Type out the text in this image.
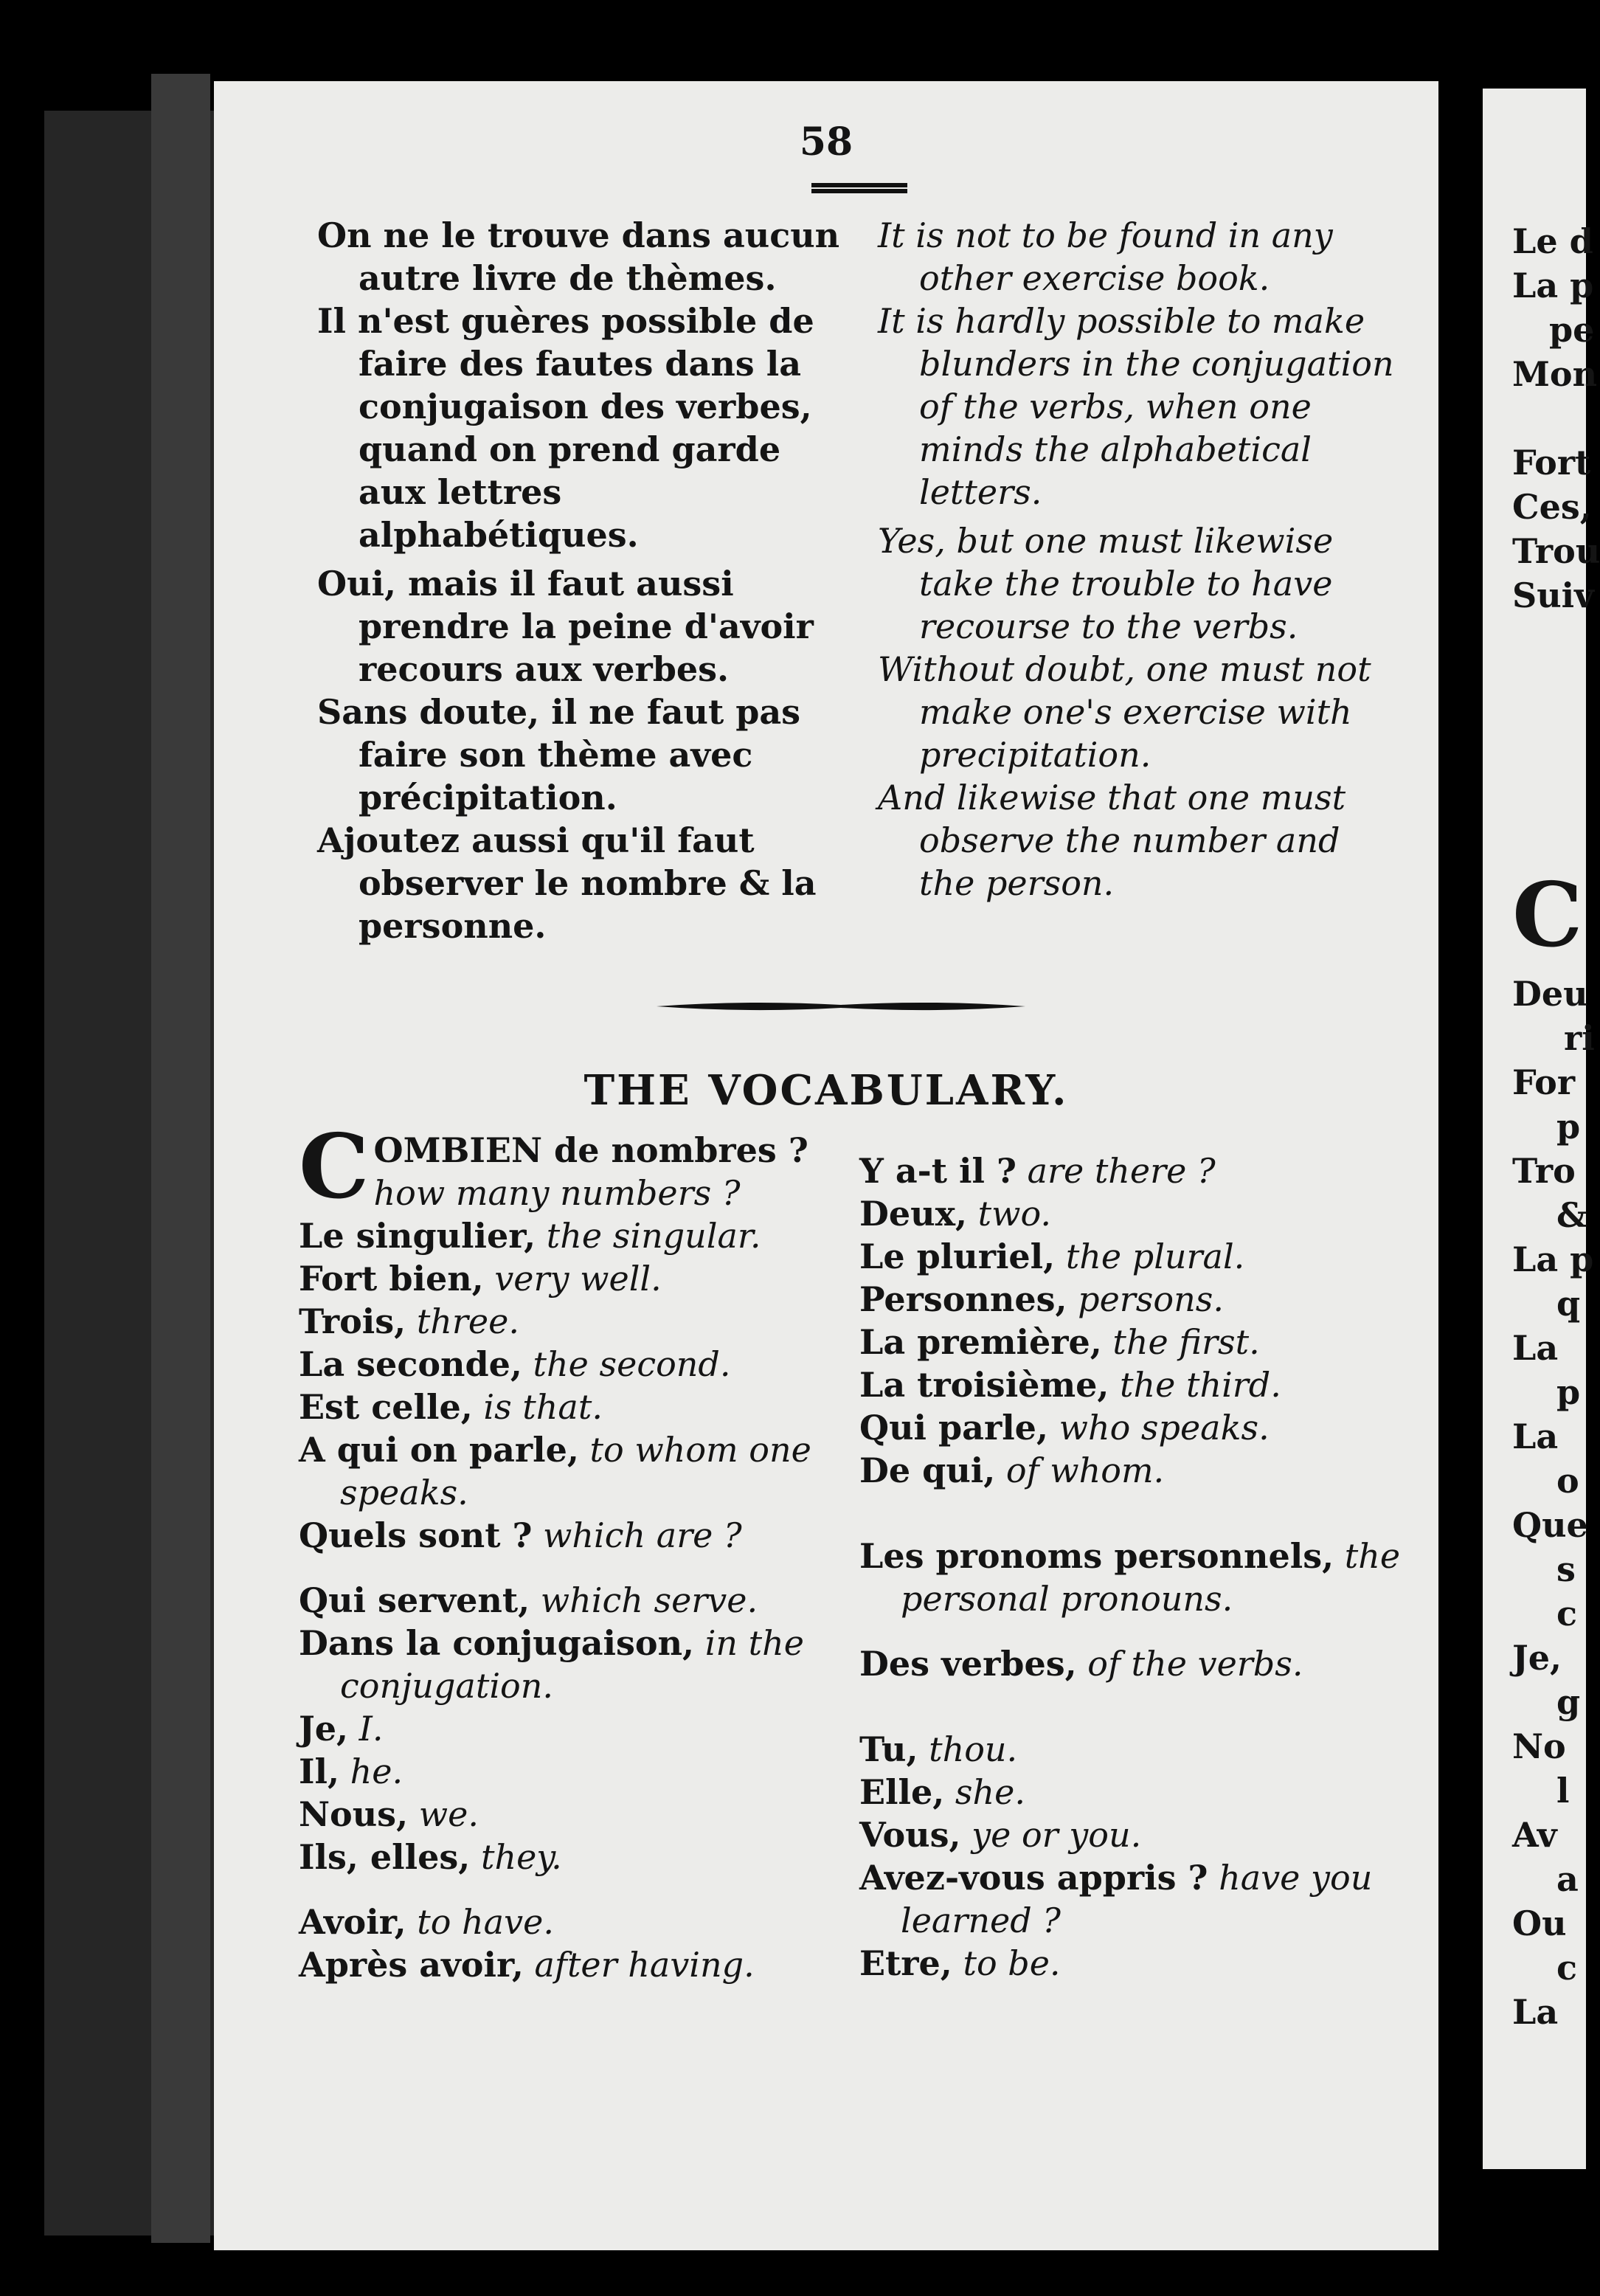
58

On ne le trouve dans aucun autre livre de thèmes.

Il n'est guères possible de faire des fautes dans la conjugaison des verbes, quand on prend garde aux lettres alphabétiques.

Oui, mais il faut aussi prendre la peine d'avoir recours aux verbes.

Sans doute, il ne faut pas faire son thème avec précipitation.

Ajoutez aussi qu'il faut observer le nombre & la personne.

It is not to be found in any other exercise book.

It is hardly possible to make blunders in the conjugation of the verbs, when one minds the alphabetical letters.

Yes, but one must likewise take the trouble to have recourse to the verbs.

Without doubt, one must not make one's exercise with precipitation.

And likewise that one must observe the number and the person.

THE VOCABULARY.

C OMBIEN de nombres ?
how many numbers ?

Le singulier, the singular.

Fort bien, very well.

Trois, three.

La seconde, the second.

Est celle, is that.

A qui on parle, to whom one speaks.

Quels sont ? which are ?

Qui servent, which serve.

Dans la conjugaison, in the conjugation.

Je, I.

Il, he.

Nous, we.

Ils, elles, they.

Avoir, to have.

Après avoir, after having.

Y a-t il ? are there ?

Deux, two.

Le pluriel, the plural.

Personnes, persons.

La première, the first.

La troisième, the third.

Qui parle, who speaks.

De qui, of whom.

Les pronoms personnels, the personal pronouns.

Des verbes, of the verbs.

Tu, thou.

Elle, she.

Vous, ye or you.

Avez-vous appris ? have you learned ?

Etre, to be.

Le d
La p
pe
Mon
Fort
Ces,
Trou
Suiv
C
Deu
ri
For
p
Tro
&
La p
q
La
p
La
o
Que
s
c
Je,
g
No
l
Av
a
Ou
c
La
